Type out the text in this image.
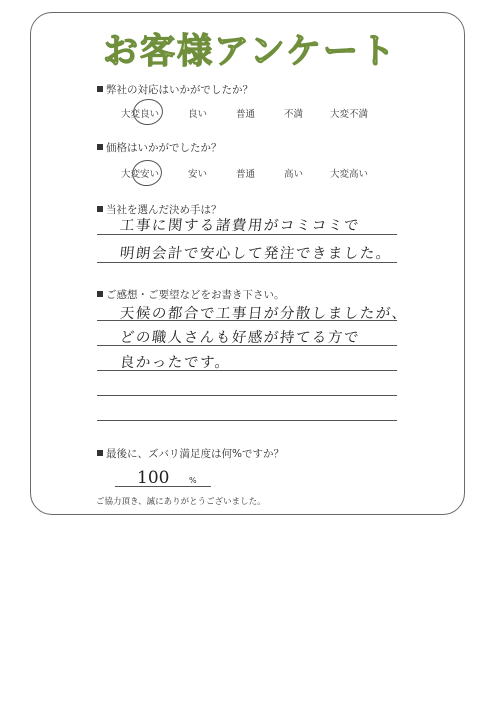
お客様アンケート
弊社の対応はいかがでしたか？
大変良い	良い	普通	不満	大変不満
価格はいかがでしたか？
大変安い	安い	普通	高い	大変高い
当社を選んだ決め手は？
工事に関する諸費用がコミコミで
明朗会計で安心して発注できました。
ご感想・ご要望などをお書き下さい。
天候の都合で工事日が分散しましたが、
どの職人さんも好感が持てる方で
良かったです。
最後に、ズバリ満足度は何%ですか？
100 %
ご協力頂き、誠にありがとうございました。
